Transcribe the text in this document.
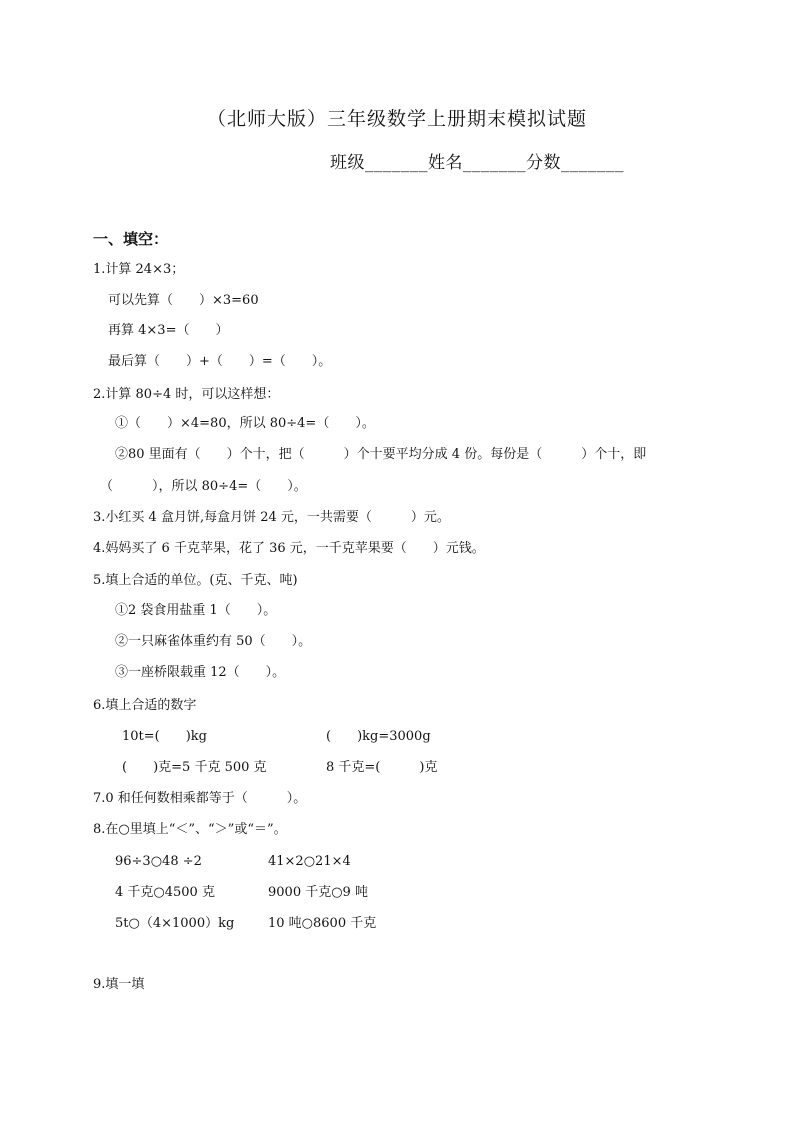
（北师大版）三年级数学上册期末模拟试题
班级_______姓名_______分数_______
一、填空：
1.计算 24×3；
可以先算（　　）×3=60
再算 4×3=（　　）
最后算（　　）+（　　）=（　　）。
2.计算 80÷4 时，可以这样想：
①（　　）×4=80，所以 80÷4=（　　）。
②80 里面有（　　）个十，把（　　　）个十要平均分成 4 份。每份是（　　　）个十，即
（　　　），所以 80÷4=（　　）。
3.小红买 4 盒月饼,每盒月饼 24 元，一共需要（　　　）元。
4.妈妈买了 6 千克苹果，花了 36 元，一千克苹果要（　　）元钱。
5.填上合适的单位。(克、千克、吨)
①2 袋食用盐重 1（　　）。
②一只麻雀体重约有 50（　　）。
③一座桥限载重 12（　　）。
6.填上合适的数字
10t=(　　)kg	(　　)kg=3000g
(　　)克=5 千克 500 克	8 千克=(　　　)克
7.0 和任何数相乘都等于（　　　）。
8.在○里填上“＜”、“＞”或“＝”。
96÷3○48 ÷2	41×2○21×4
4 千克○4500 克	9000 千克○9 吨
5t○（4×1000）kg	10 吨○8600 千克
9.填一填
